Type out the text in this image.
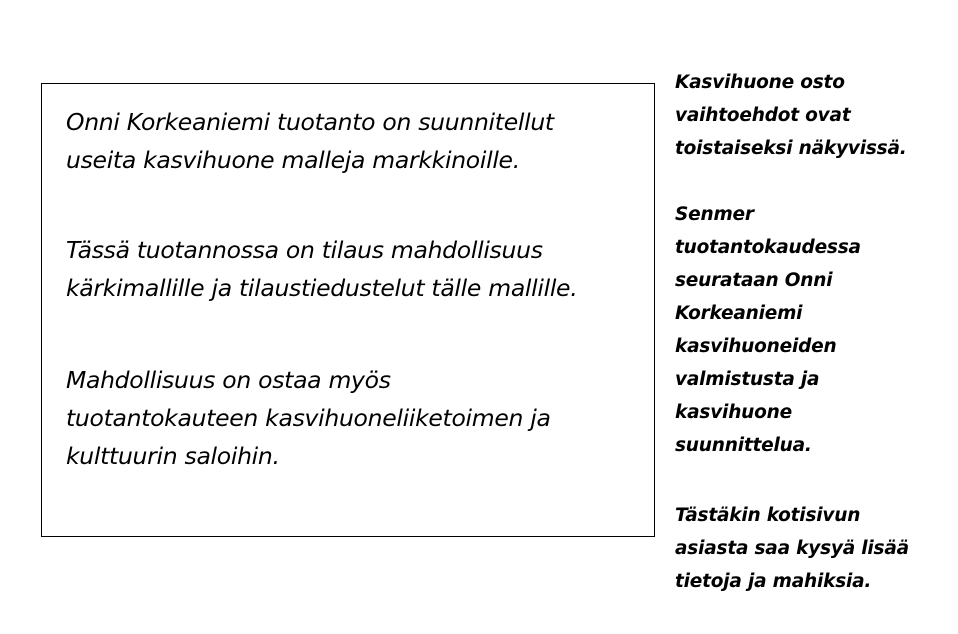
Onni Korkeaniemi tuotanto on suunnitellut
useita kasvihuone malleja markkinoille.

Tässä tuotannossa on tilaus mahdollisuus
kärkimallille ja tilaustiedustelut tälle mallille.

Mahdollisuus on ostaa myös
tuotantokauteen kasvihuoneliiketoimen ja
kulttuurin saloihin.

Kasvihuone osto
vaihtoehdot ovat
toistaiseksi näkyvissä.

Senmer
tuotantokaudessa
seurataan Onni
Korkeaniemi
kasvihuoneiden
valmistusta ja
kasvihuone
suunnittelua.

Tästäkin kotisivun
asiasta saa kysyä lisää
tietoja ja mahiksia.
